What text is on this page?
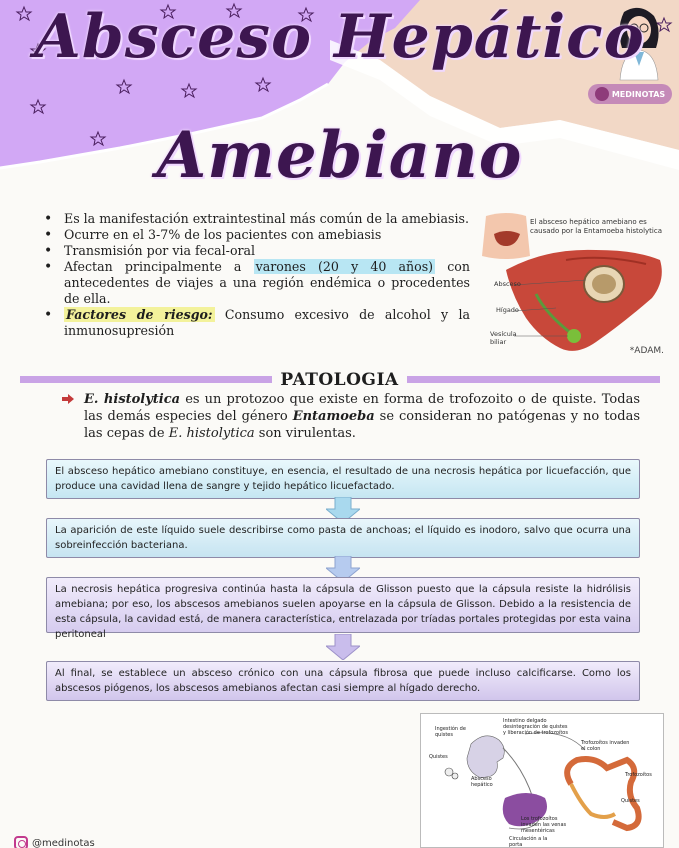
Absceso Hepático
Amebiano
MEDINOTAS
• Es la manifestación extraintestinal más común de la amebiasis.
• Ocurre en el 3-7% de los pacientes con amebiasis
• Transmisión por via fecal-oral
• Afectan principalmente a varones (20 y 40 años) con antecedentes de viajes a una región endémica o procedentes de ella.
• Factores de riesgo: Consumo excesivo de alcohol y la inmunosupresión
El absceso hepático amebiano es causado por la Entamoeba histolytica
Absceso
Hígado
Vesícula biliar
*ADAM.
PATOLOGIA
E. histolytica es un protozoo que existe en forma de trofozoito o de quiste. Todas las demás especies del género Entamoeba se consideran no patógenas y no todas las cepas de E. histolytica son virulentas.
El absceso hepático amebiano constituye, en esencia, el resultado de una necrosis hepática por licuefacción, que produce una cavidad llena de sangre y tejido hepático licuefactado.
La aparición de este líquido suele describirse como pasta de anchoas; el líquido es inodoro, salvo que ocurra una sobreinfección bacteriana.
La necrosis hepática progresiva continúa hasta la cápsula de Glisson puesto que la cápsula resiste la hidrólisis amebiana; por eso, los abscesos amebianos suelen apoyarse en la cápsula de Glisson. Debido a la resistencia de esta cápsula, la cavidad está, de manera característica, entrelazada por tríadas portales protegidas por esta vaina peritoneal
Al final, se establece un absceso crónico con una cápsula fibrosa que puede incluso calcificarse. Como los abscesos piógenos, los abscesos amebianos afectan casi siempre al hígado derecho.
Ingestión de quistes
Intestino delgado desintegración de quistes y liberación de trofozoítos
Quistes
Absceso hepático
Trofozoítos invaden el colon
Trofozoítos
Quistes
Los trofozoítos invaden las venas mesentéricas
Circulación a la porta
@medinotas
